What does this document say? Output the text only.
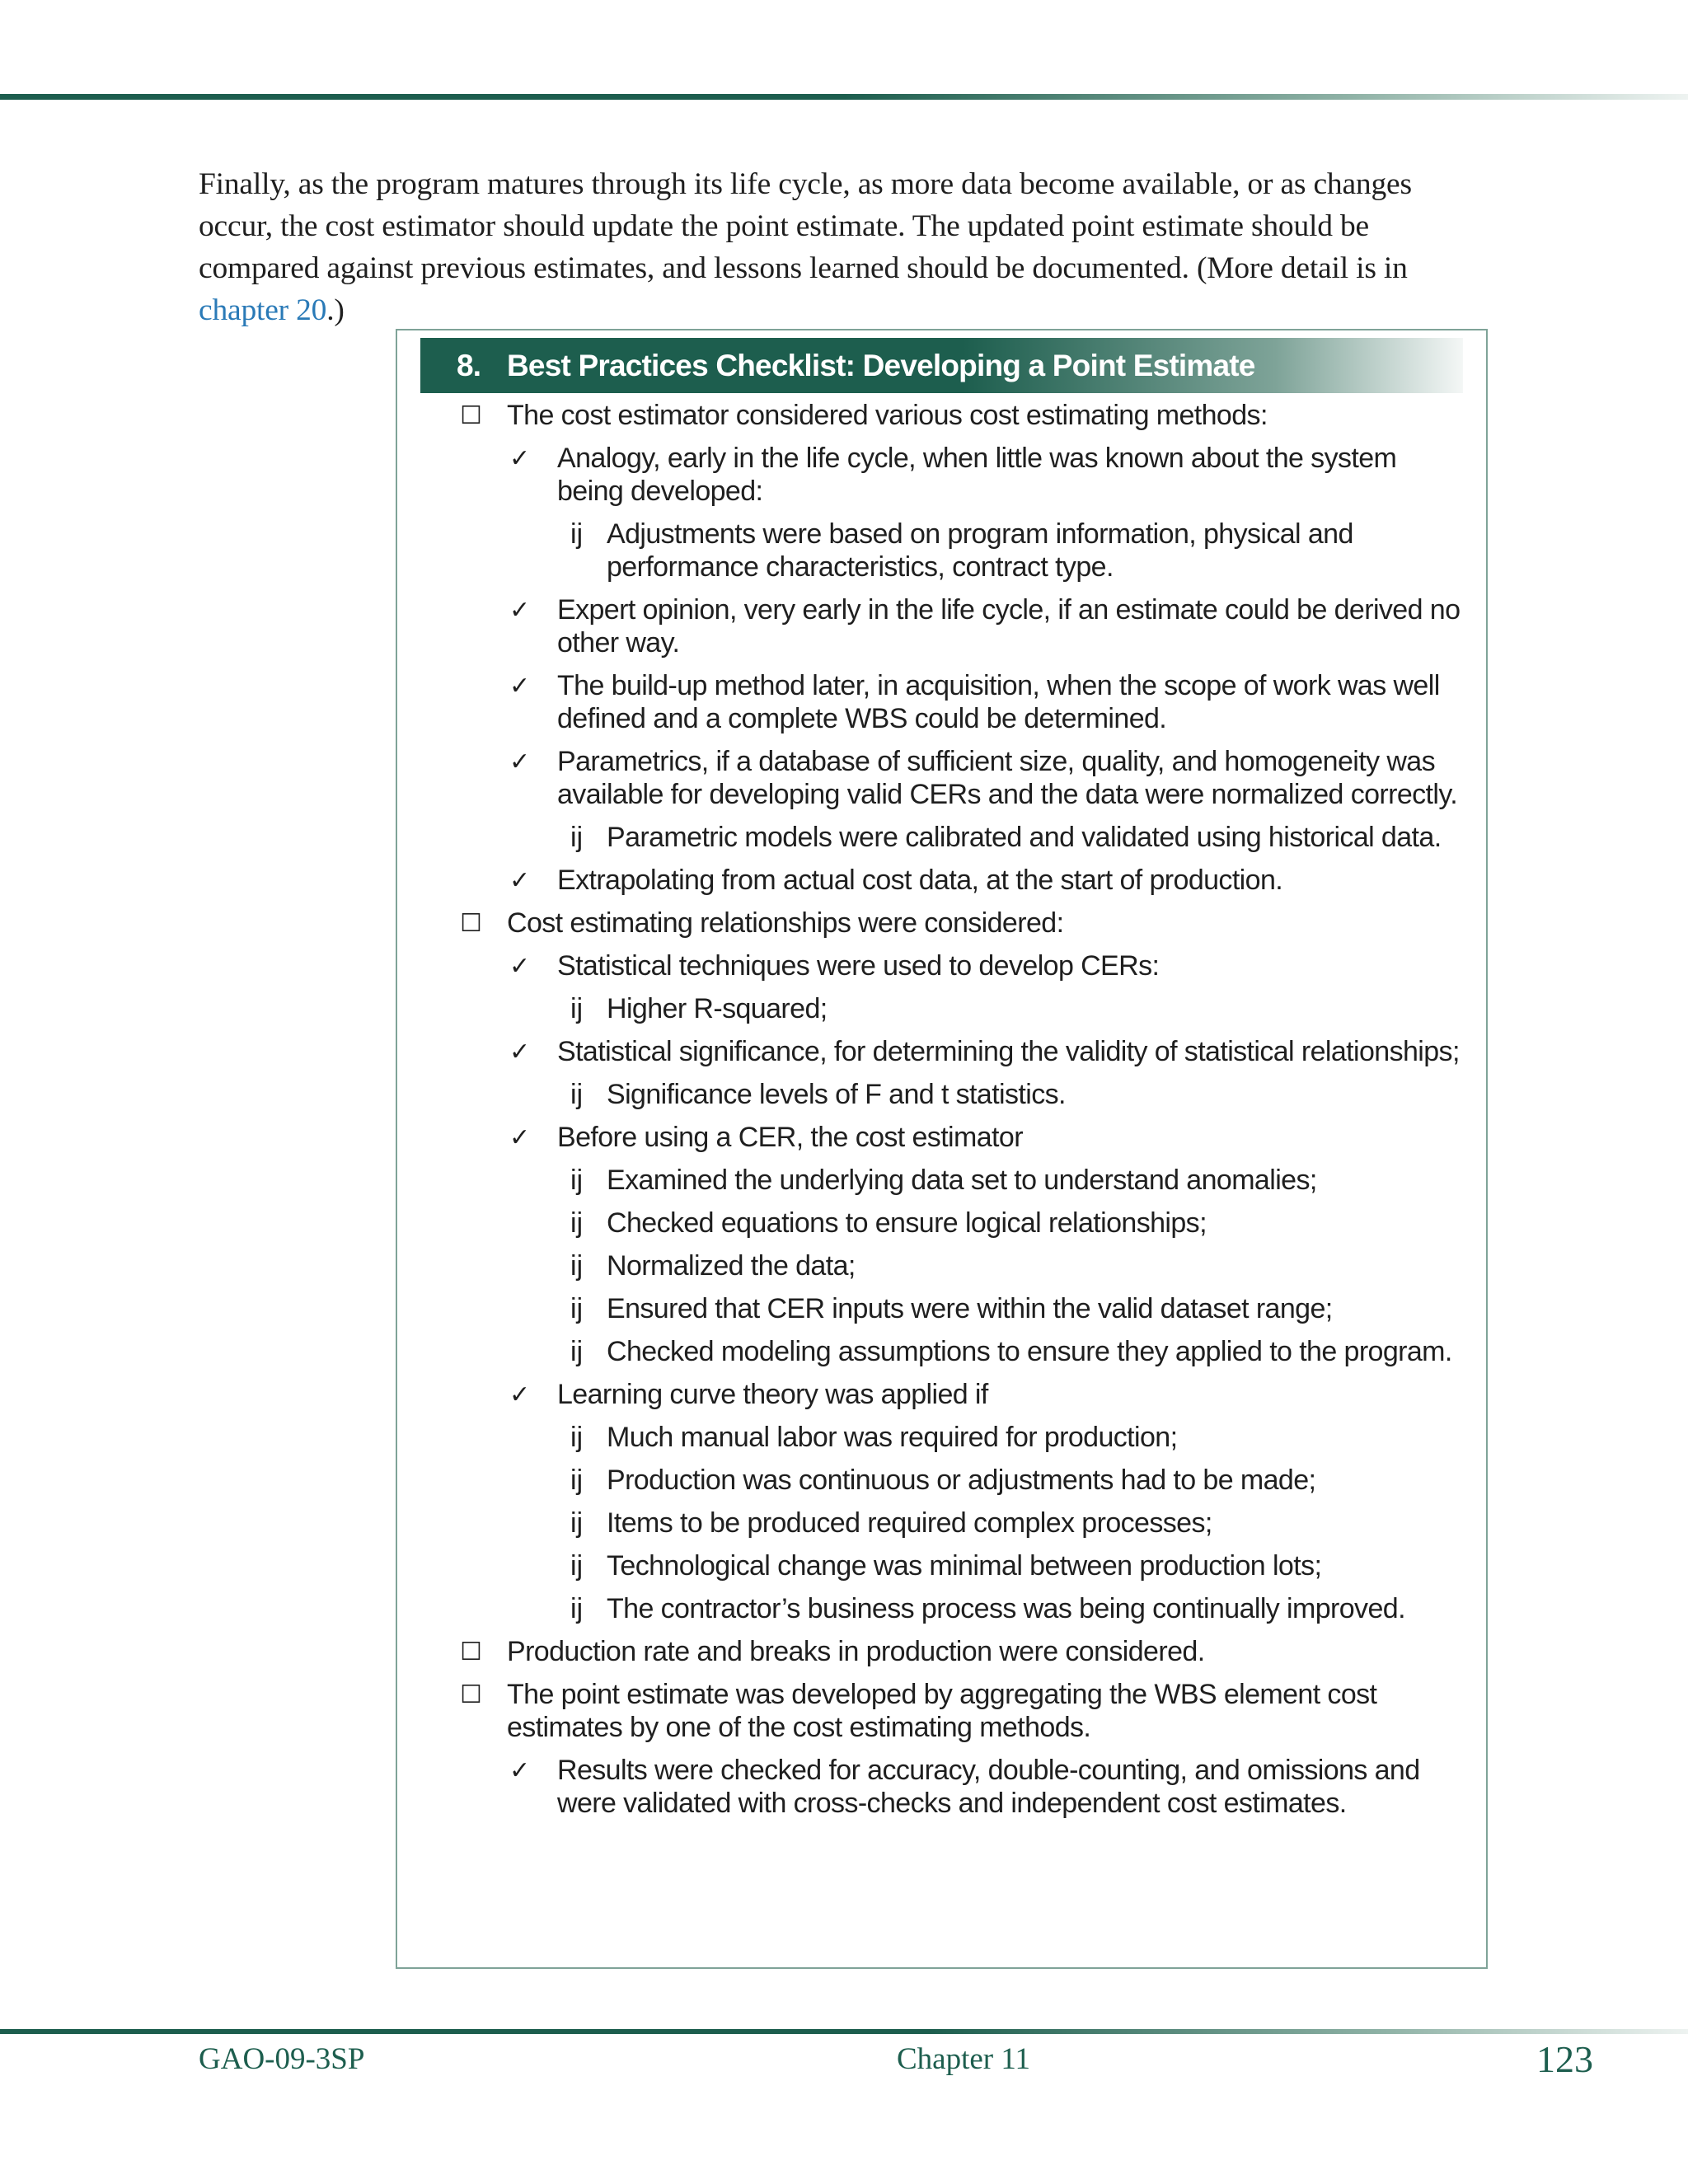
Finally, as the program matures through its life cycle, as more data become available, or as changes occur, the cost estimator should update the point estimate. The updated point estimate should be compared against previous estimates, and lessons learned should be documented. (More detail is in chapter 20.)

8. Best Practices Checklist: Developing a Point Estimate
☐ The cost estimator considered various cost estimating methods:
✓ Analogy, early in the life cycle, when little was known about the system being developed:
ĳ Adjustments were based on program information, physical and performance characteristics, contract type.
✓ Expert opinion, very early in the life cycle, if an estimate could be derived no other way.
✓ The build-up method later, in acquisition, when the scope of work was well defined and a complete WBS could be determined.
✓ Parametrics, if a database of sufficient size, quality, and homogeneity was available for developing valid CERs and the data were normalized correctly.
ĳ Parametric models were calibrated and validated using historical data.
✓ Extrapolating from actual cost data, at the start of production.
☐ Cost estimating relationships were considered:
✓ Statistical techniques were used to develop CERs:
ĳ Higher R-squared;
✓ Statistical significance, for determining the validity of statistical relationships;
ĳ Significance levels of F and t statistics.
✓ Before using a CER, the cost estimator
ĳ Examined the underlying data set to understand anomalies;
ĳ Checked equations to ensure logical relationships;
ĳ Normalized the data;
ĳ Ensured that CER inputs were within the valid dataset range;
ĳ Checked modeling assumptions to ensure they applied to the program.
✓ Learning curve theory was applied if
ĳ Much manual labor was required for production;
ĳ Production was continuous or adjustments had to be made;
ĳ Items to be produced required complex processes;
ĳ Technological change was minimal between production lots;
ĳ The contractor’s business process was being continually improved.
☐ Production rate and breaks in production were considered.
☐ The point estimate was developed by aggregating the WBS element cost estimates by one of the cost estimating methods.
✓ Results were checked for accuracy, double-counting, and omissions and were validated with cross-checks and independent cost estimates.
GAO-09-3SP	Chapter 11	123
